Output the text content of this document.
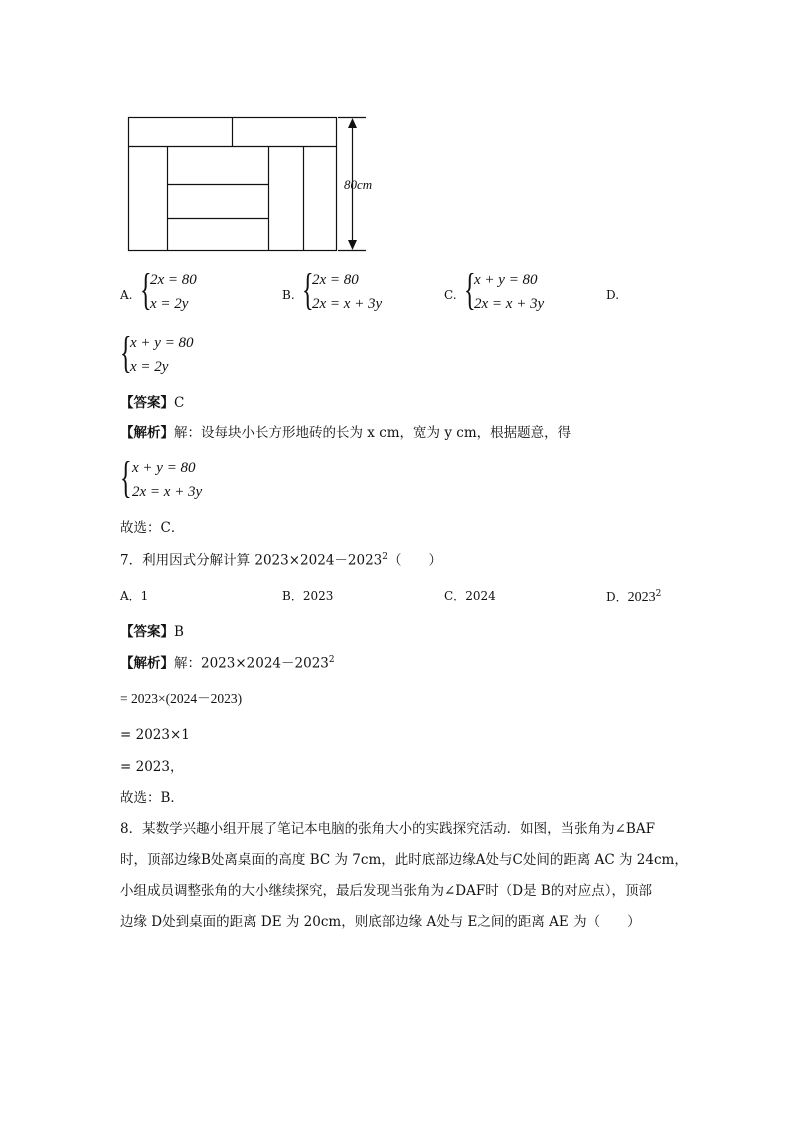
80cm
A. {
2x = 80
x = 2y
B. {
2x = 80
2x = x + 3y
C. {
x + y = 80
2x = x + 3y
D.
{
x + y = 80
x = 2y
【答案】C
【解析】解：设每块小长方形地砖的长为 x cm，宽为 y cm，根据题意，得
{ x + y = 80
2x = x + 3y
故选：C．
7．利用因式分解计算 $2023\times 2024-2023^2$（　　）
A．1	B．2023	C．2024	D．2023$^2$
【答案】B
【解析】解：$2023\times 2024-2023^2$
= 2023×(2024－2023)
= 2023×1
= 2023，
故选：B．
8．某数学兴趣小组开展了笔记本电脑的张角大小的实践探究活动．如图，当张角为∠BAF
时，顶部边缘B处离桌面的高度 BC 为 7cm，此时底部边缘A处与C处间的距离 AC 为 24cm，
小组成员调整张角的大小继续探究，最后发现当张角为∠DAF时（D是 B的对应点），顶部
边缘 D处到桌面的距离 DE 为 20cm，则底部边缘 A处与 E之间的距离 AE 为（　　）
